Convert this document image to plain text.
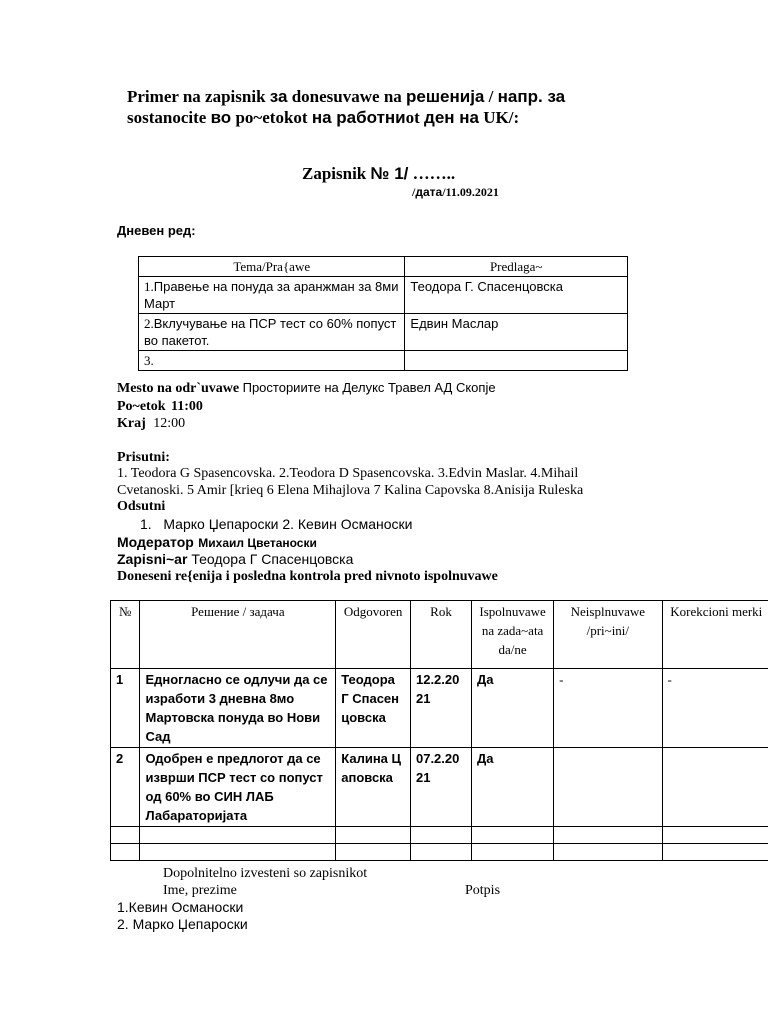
Primer na zapisnik за donesuvawe na решенија / напр. за
sostanocite во po~etokot на работниot ден на UK/:
Zapisnik № 1/ ……..
/дата/11.09.2021
Дневен ред:
Tema/Pra{awe	Predlaga~
1.Правење на понуда за аранжман за 8ми Март	Теодора Г. Спасенцовска
2.Вклучување на ПСР тест со 60% попуст во пакетот.	Едвин Маслар
3.	
Mesto na odr`uvawe Просториите на Делукс Травел АД Скопје
Po~etok 11:00
Kraj 12:00
Prisutni:
1. Teodora G Spasencovska. 2.Teodora D Spasencovska. 3.Edvin Maslar. 4.Mihail
Cvetanoski. 5 Amir [krieq 6 Elena Mihajlova 7 Kalina Capovska 8.Anisija Ruleska
Odsutni
1.   Марко Џепароски 2. Кевин Османоски
Модератор Михаил Цветаноски
Zapisni~ar Теодора Г Спасенцовска
Doneseni re{enija i posledna kontrola pred nivnoto ispolnuvawe
№	Решение / задача	Odgovoren	Rok	Ispolnuvawe na zada~ata da/ne	Neisplnuvawe /pri~ini/	Korekcioni merki
1	Едногласно се одлучи да се изработи 3 дневна 8мо Мартовска понуда во Нови Сад	Теодора Г Спасенцовска	12.2.2021	Да	-	-
2	Одобрен е предлогот да се изврши ПСР тест со попуст од 60% во СИН ЛАБ Лабараторијата	Калина Цаповска	07.2.2021	Да		

Dopolnitelno izvesteni so zapisnikot
Ime, prezime	Potpis
1.Кевин Османоски
2. Марко Џепароски
